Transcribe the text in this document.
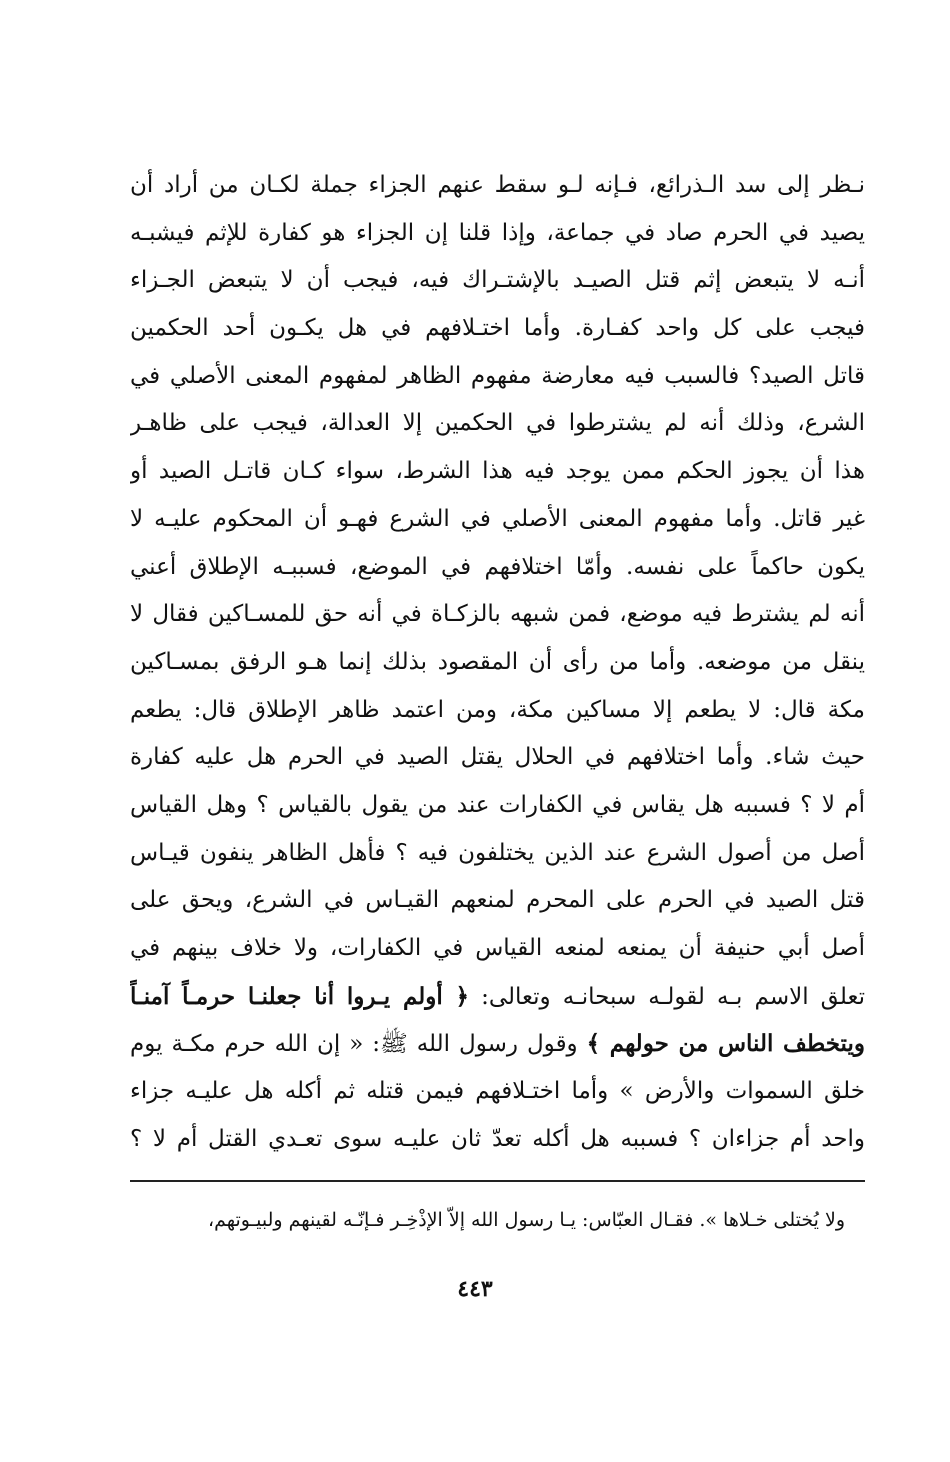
نـظر إلى سد الـذرائع، فـإنه لـو سقط عنهم الجزاء جملة لكـان من أراد أن
يصيد في الحرم صاد في جماعة، وإذا قلنا إن الجزاء هو كفارة للإثم فيشبـه
أنـه لا يتبعض إثم قتل الصيـد بالإشتـراك فيه، فيجب أن لا يتبعض الجـزاء
فيجب على كل واحد كفـارة. وأما اختـلافهم في هل يكـون أحد الحكمين
قاتل الصيد؟ فالسبب فيه معارضة مفهوم الظاهر لمفهوم المعنى الأصلي في
الشرع، وذلك أنه لم يشترطوا في الحكمين إلا العدالة، فيجب على ظاهـر
هذا أن يجوز الحكم ممن يوجد فيه هذا الشرط، سواء كـان قاتـل الصيد أو
غير قاتل. وأما مفهوم المعنى الأصلي في الشرع فهـو أن المحكوم عليـه لا
يكون حاكماً على نفسه. وأمّا اختلافهم في الموضع، فسببـه الإطلاق أعني
أنه لم يشترط فيه موضع، فمن شبهه بالزكـاة في أنه حق للمسـاكين فقال لا
ينقل من موضعه. وأما من رأى أن المقصود بذلك إنما هـو الرفق بمسـاكين
مكة قال: لا يطعم إلا مساكين مكة، ومن اعتمد ظاهر الإطلاق قال: يطعم
حيث شاء. وأما اختلافهم في الحلال يقتل الصيد في الحرم هل عليه كفارة
أم لا ؟ فسببه هل يقاس في الكفارات عند من يقول بالقياس ؟ وهل القياس
أصل من أصول الشرع عند الذين يختلفون فيه ؟ فأهل الظاهر ينفون قيـاس
قتل الصيد في الحرم على المحرم لمنعهم القيـاس في الشرع، ويحق على
أصل أبي حنيفة أن يمنعه لمنعه القياس في الكفارات، ولا خلاف بينهم في
تعلق الاسم بـه لقولـه سبحانـه وتعالى: ﴿ أولم يـروا أنا جعلنـا حرمـاً آمنـاً
ويتخطف الناس من حولهم ﴾ وقول رسول الله ﷺ: « إن الله حرم مكـة يوم
خلق السموات والأرض » وأما اختـلافهم فيمن قتله ثم أكله هل عليـه جزاء
واحد أم جزاءان ؟ فسببه هل أكله تعدّ ثان عليـه سوى تعـدي القتل أم لا ؟
ولا يُختلى خـلاها ». فقـال العبّاس: يـا رسول الله إلاّ الإذْخِـر فـإنّـه لقينهم ولبيـوتهم،
٤٤٣
